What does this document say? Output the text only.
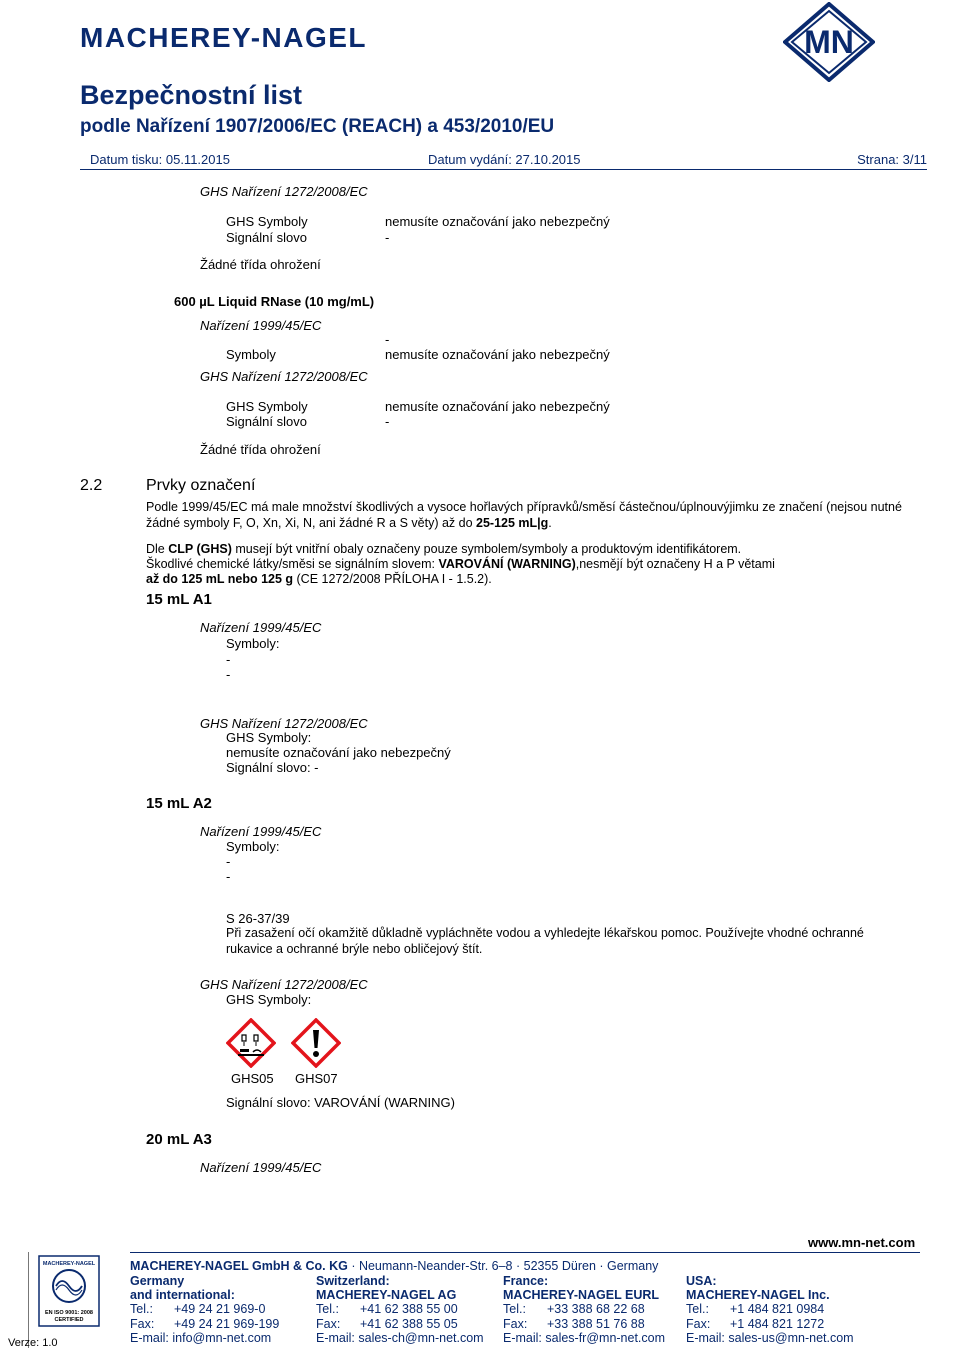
MACHEREY-NAGEL	MN
Bezpečnostní list
podle Nařízení 1907/2006/EC (REACH) a 453/2010/EU
Datum tisku: 05.11.2015	Datum vydání: 27.10.2015	Strana: 3/11
GHS Nařízení 1272/2008/EC
GHS Symboly	nemusíte označování jako nebezpečný
Signální slovo	-
Žádné třída ohrožení
600 µL Liquid RNase (10 mg/mL)
Nařízení 1999/45/EC
-
Symboly	nemusíte označování jako nebezpečný
GHS Nařízení 1272/2008/EC
GHS Symboly	nemusíte označování jako nebezpečný
Signální slovo	-
Žádné třída ohrožení
2.2	Prvky označení
Podle 1999/45/EC má male množství škodlivých a vysoce hořlavých přípravků/směsí částečnou/úplnouvýjimku ze značení (nejsou nutné žádné symboly F, O, Xn, Xi, N, ani žádné R a S věty) až do 25-125 mL|g.
Dle CLP (GHS) musejí být vnitřní obaly označeny pouze symbolem/symboly a produktovým identifikátorem.
Škodlivé chemické látky/směsi se signálním slovem: VAROVÁNÍ (WARNING),nesmějí být označeny H a P větami
až do 125 mL nebo 125 g (CE 1272/2008 PŘÍLOHA I - 1.5.2).
15 mL A1
Nařízení 1999/45/EC
Symboly:
-
-
GHS Nařízení 1272/2008/EC
GHS Symboly:
nemusíte označování jako nebezpečný
Signální slovo: -
15 mL A2
Nařízení 1999/45/EC
Symboly:
-
-
S 26-37/39
Při zasažení očí okamžitě důkladně vypláchněte vodou a vyhledejte lékařskou pomoc. Používejte vhodné ochranné rukavice a ochranné brýle nebo obličejový štít.
GHS Nařízení 1272/2008/EC
GHS Symboly:
GHS05 GHS07
Signální slovo: VAROVÁNÍ (WARNING)
20 mL A3
Nařízení 1999/45/EC
www.mn-net.com
MACHEREY-NAGEL GmbH & Co. KG · Neumann-Neander-Str. 6–8 · 52355 Düren · Germany
Germany
and international:
Tel.: +49 24 21 969-0
Fax: +49 24 21 969-199
E-mail: info@mn-net.com
Switzerland:
MACHEREY-NAGEL AG
Tel.: +41 62 388 55 00
Fax: +41 62 388 55 05
E-mail: sales-ch@mn-net.com
France:
MACHEREY-NAGEL EURL
Tel.: +33 388 68 22 68
Fax: +33 388 51 76 88
E-mail: sales-fr@mn-net.com
USA:
MACHEREY-NAGEL Inc.
Tel.: +1 484 821 0984
Fax: +1 484 821 1272
E-mail: sales-us@mn-net.com
MACHEREY-NAGEL
EN ISO 9001: 2008
CERTIFIED
Verze: 1.0
